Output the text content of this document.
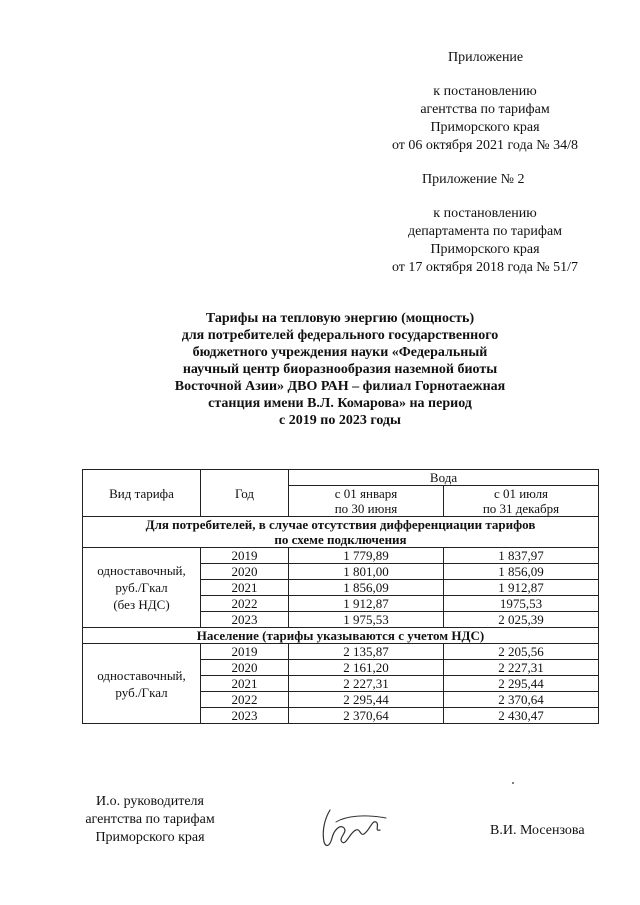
Приложение
к постановлению
агентства по тарифам
Приморского края
от 06 октября 2021 года № 34/8
Приложение № 2
к постановлению
департамента по тарифам
Приморского края
от 17 октября 2018 года № 51/7
Тарифы на тепловую энергию (мощность)
для потребителей федерального государственного
бюджетного учреждения науки «Федеральный
научный центр биоразнообразия наземной биоты
Восточной Азии» ДВО РАН – филиал Горнотаежная
станция имени В.Л. Комарова» на период
с 2019 по 2023 годы
Вид тарифа	Год	Вода	
		с 01 января	с 01 июля
		по 30 июня	по 31 декабря

Для потребителей, в случае отсутствия дифференциации тарифов
по схеме подключения			

одноставочный,
руб./Гкал
(без НДС)	2019	1 779,89	1 837,97
	2020	1 801,00	1 856,09
	2021	1 856,09	1 912,87
	2022	1 912,87	1975,53
	2023	1 975,53	2 025,39

Население (тарифы указываются с учетом НДС)			

одноставочный,
руб./Гкал	2019	2 135,87	2 205,56
	2020	2 161,20	2 227,31
	2021	2 227,31	2 295,44
	2022	2 295,44	2 370,64
	2023	2 370,64	2 430,47
И.о. руководителя
агентства по тарифам
Приморского края	В.И. Мосензова
